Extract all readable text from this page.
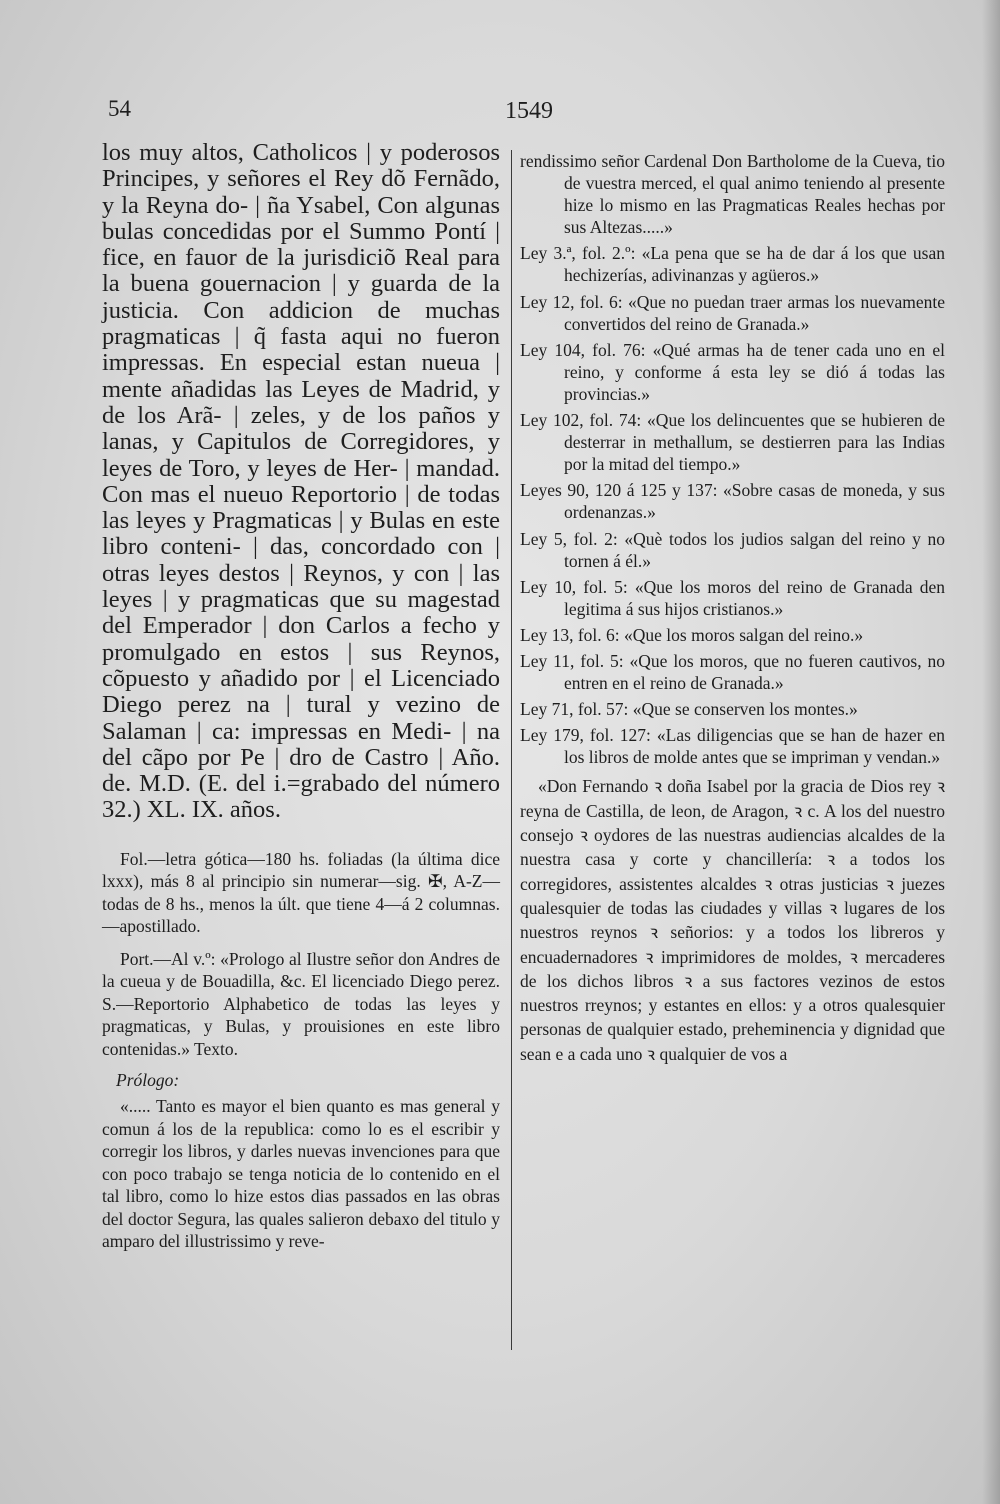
54	1549

los muy altos, Catholicos | y poderosos Principes, y señores el Rey dõ Fernãdo, y la Reyna do- | ña Ysabel, Con algunas bulas concedidas por el Summo Pontí | fice, en fauor de la jurisdiciõ Real para la buena gouernacion | y guarda de la justicia. Con addicion de muchas pragmaticas | q̃ fasta aqui no fueron impressas. En especial estan nueua | mente añadidas las Leyes de Madrid, y de los Arã- | zeles, y de los paños y lanas, y Capitulos de Corregidores, y leyes de Toro, y leyes de Her- | mandad. Con mas el nueuo Reportorio | de todas las leyes y Pragmaticas | y Bulas en este libro conteni- | das, concordado con | otras leyes destos | Reynos, y con | las leyes | y pragmaticas que su magestad del Emperador | don Carlos a fecho y promulgado en estos | sus Reynos, cõpuesto y añadido por | el Licenciado Diego perez na | tural y vezino de Salaman | ca: impressas en Medi- | na del cãpo por Pe | dro de Castro | Año. de. M.D. (E. del i.=grabado del número 32.) XL. IX. años.

Fol.—letra gótica—180 hs. foliadas (la última dice lxxx), más 8 al principio sin numerar—sig. ✠, A-Z—todas de 8 hs., menos la últ. que tiene 4—á 2 columnas.—apostillado.

Port.—Al v.º: «Prologo al Ilustre señor don Andres de la cueua y de Bouadilla, &c. El licenciado Diego perez. S.—Reportorio Alphabetico de todas las leyes y pragmaticas, y Bulas, y prouisiones en este libro contenidas.» Texto.

Prólogo:

«..... Tanto es mayor el bien quanto es mas general y comun á los de la republica: como lo es el escribir y corregir los libros, y darles nuevas invenciones para que con poco trabajo se tenga noticia de lo contenido en el tal libro, como lo hize estos dias passados en las obras del doctor Segura, las quales salieron debaxo del titulo y amparo del illustrissimo y reve-

rendissimo señor Cardenal Don Bartholome de la Cueva, tio de vuestra merced, el qual animo teniendo al presente hize lo mismo en las Pragmaticas Reales hechas por sus Altezas.....»
Ley 3.ª, fol. 2.º: «La pena que se ha de dar á los que usan hechizerías, adivinanzas y agüeros.»
Ley 12, fol. 6: «Que no puedan traer armas los nuevamente convertidos del reino de Granada.»
Ley 104, fol. 76: «Qué armas ha de tener cada uno en el reino, y conforme á esta ley se dió á todas las provincias.»
Ley 102, fol. 74: «Que los delincuentes que se hubieren de desterrar in methallum, se destierren para las Indias por la mitad del tiempo.»
Leyes 90, 120 á 125 y 137: «Sobre casas de moneda, y sus ordenanzas.»
Ley 5, fol. 2: «Què todos los judios salgan del reino y no tornen á él.»
Ley 10, fol. 5: «Que los moros del reino de Granada den legitima á sus hijos cristianos.»
Ley 13, fol. 6: «Que los moros salgan del reino.»
Ley 11, fol. 5: «Que los moros, que no fueren cautivos, no entren en el reino de Granada.»
Ley 71, fol. 57: «Que se conserven los montes.»
Ley 179, fol. 127: «Las diligencias que se han de hazer en los libros de molde antes que se impriman y vendan.»

«Don Fernando ꝛ doña Isabel por la gracia de Dios rey ꝛ reyna de Castilla, de leon, de Aragon, ꝛ c. A los del nuestro consejo ꝛ oydores de las nuestras audiencias alcaldes de la nuestra casa y corte y chancillería: ꝛ a todos los corregidores, assistentes alcaldes ꝛ otras justicias ꝛ juezes qualesquier de todas las ciudades y villas ꝛ lugares de los nuestros reynos ꝛ señorios: y a todos los libreros y encuadernadores ꝛ imprimidores de moldes, ꝛ mercaderes de los dichos libros ꝛ a sus factores vezinos de estos nuestros rreynos; y estantes en ellos: y a otros qualesquier personas de qualquier estado, preheminencia y dignidad que sean e a cada uno ꝛ qualquier de vos a
